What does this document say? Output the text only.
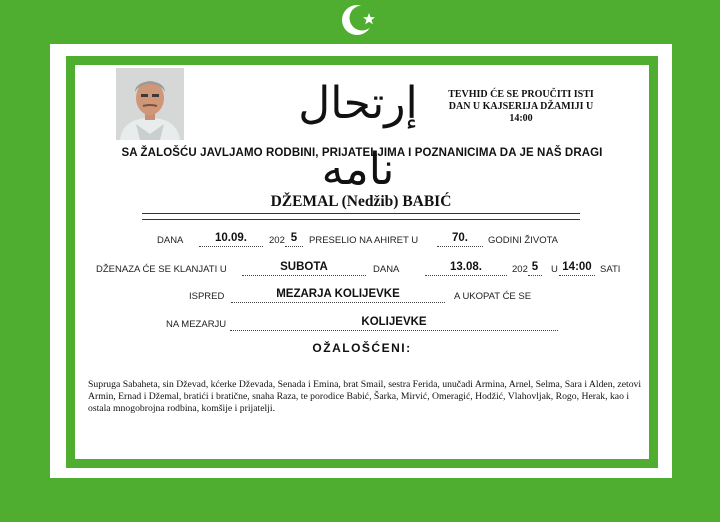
إرتحال نامه
TEVHID ĆE SE PROUČITI ISTI DAN U KAJSERIJA DŽAMIJI U 14:00
SA ŽALOŠĆU JAVLJAMO RODBINI, PRIJATELJIMA I POZNANICIMA DA JE NAŠ DRAGI
DŽEMAL (Nedžib) BABIĆ
DANA	10.09.	202 5	PRESELIO NA AHIRET U	70.	GODINI ŽIVOTA
DŽENAZA ĆE SE KLANJATI U	SUBOTA	DANA	13.08.	202 5	U 14:00 SATI
ISPRED	MEZARJA KOLIJEVKE	A UKOPAT ĆE SE
NA MEZARJU	KOLIJEVKE
OŽALOŠĆENI:
Supruga Sabaheta, sin Dževad, kćerke Dževada, Senada i Emina, brat Smail, sestra Ferida, unučadi Armina, Arnel, Selma, Sara i Alden, zetovi Armin, Ernad i Džemal, bratići i bratične, snaha Raza, te porodice Babić, Šarka, Mirvić, Omeragić, Hodžić, Vlahovljak, Rogo, Herak, kao i ostala mnogobrojna rodbina, komšije i prijatelji.
